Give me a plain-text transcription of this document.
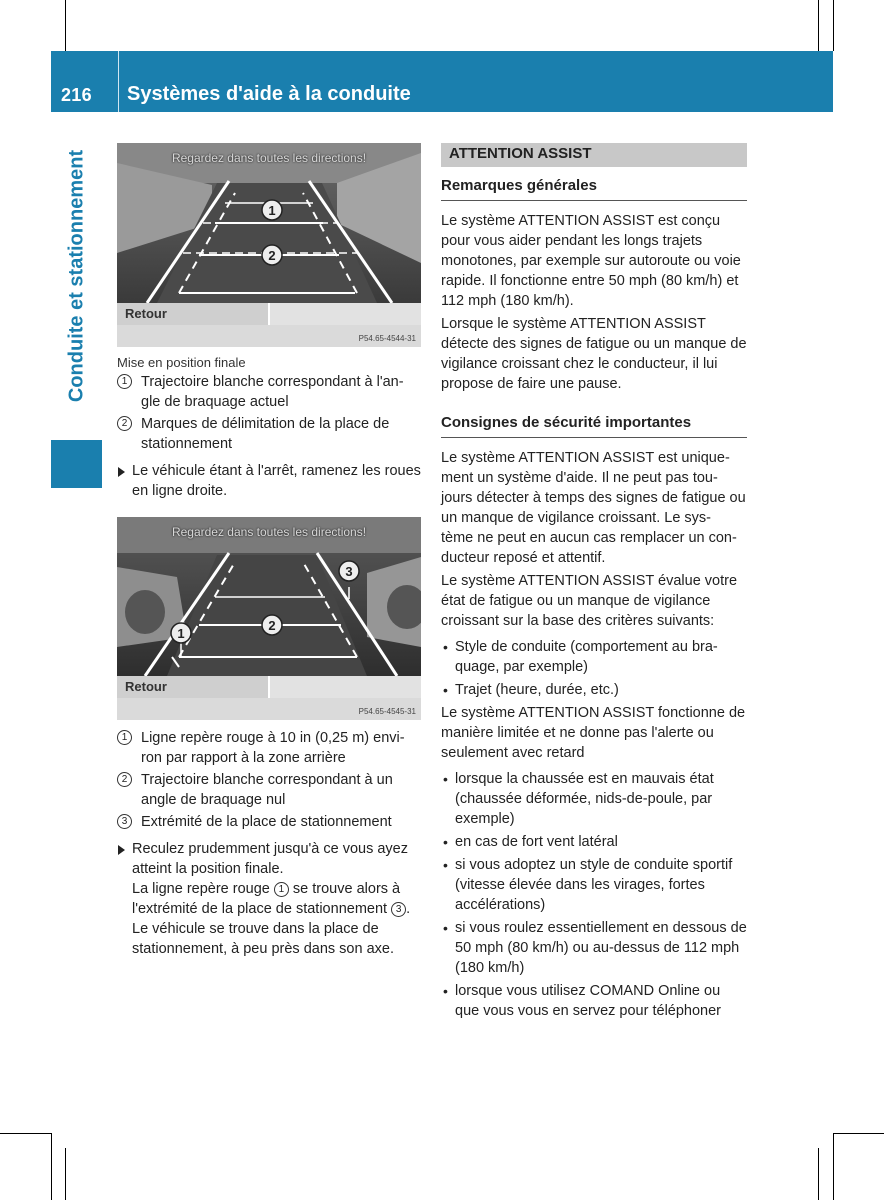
216 Systèmes d'aide à la conduite
Conduite et stationnement	1
2
Regardez dans toutes les directions!
Retour
P54.65-4544-31
Mise en position finale
1 Trajectoire blanche correspondant à l'an- gle de braquage actuel
2 Marques de délimitation de la place de stationnement
Le véhicule étant à l'arrêt, ramenez les roues en ligne droite.
3
2
1
Regardez dans toutes les directions!
Retour
P54.65-4545-31
1 Ligne repère rouge à 10 in (0,25 m) envi- ron par rapport à la zone arrière
2 Trajectoire blanche correspondant à un angle de braquage nul
3 Extrémité de la place de stationnement
Reculez prudemment jusqu'à ce vous ayez atteint la position finale.
La ligne repère rouge 1 se trouve alors à l'extrémité de la place de stationnement 3 . Le véhicule se trouve dans la place de stationnement, à peu près dans son axe.
ATTENTION ASSIST
Remarques générales

Le système ATTENTION ASSIST est conçu pour vous aider pendant les longs trajets monotones, par exemple sur autoroute ou voie rapide. Il fonctionne entre 50 mph (80 km/h) et 112 mph (180 km/h).

Lorsque le système ATTENTION ASSIST détecte des signes de fatigue ou un manque de vigilance croissant chez le conducteur, il lui propose de faire une pause.

Consignes de sécurité importantes

Le système ATTENTION ASSIST est unique- ment un système d'aide. Il ne peut pas tou- jours détecter à temps des signes de fatigue ou un manque de vigilance croissant. Le sys- tème ne peut en aucun cas remplacer un con- ducteur reposé et attentif.

Le système ATTENTION ASSIST évalue votre état de fatigue ou un manque de vigilance croissant sur la base des critères suivants:

• Style de conduite (comportement au bra- quage, par exemple)
• Trajet (heure, durée, etc.)

Le système ATTENTION ASSIST fonctionne de manière limitée et ne donne pas l'alerte ou seulement avec retard

• lorsque la chaussée est en mauvais état (chaussée déformée, nids-de-poule, par exemple)
• en cas de fort vent latéral
• si vous adoptez un style de conduite sportif (vitesse élevée dans les virages, fortes accélérations)
• si vous roulez essentiellement en dessous de 50 mph (80 km/h) ou au-dessus de 112 mph (180 km/h)
• lorsque vous utilisez COMAND Online ou que vous vous en servez pour téléphoner
